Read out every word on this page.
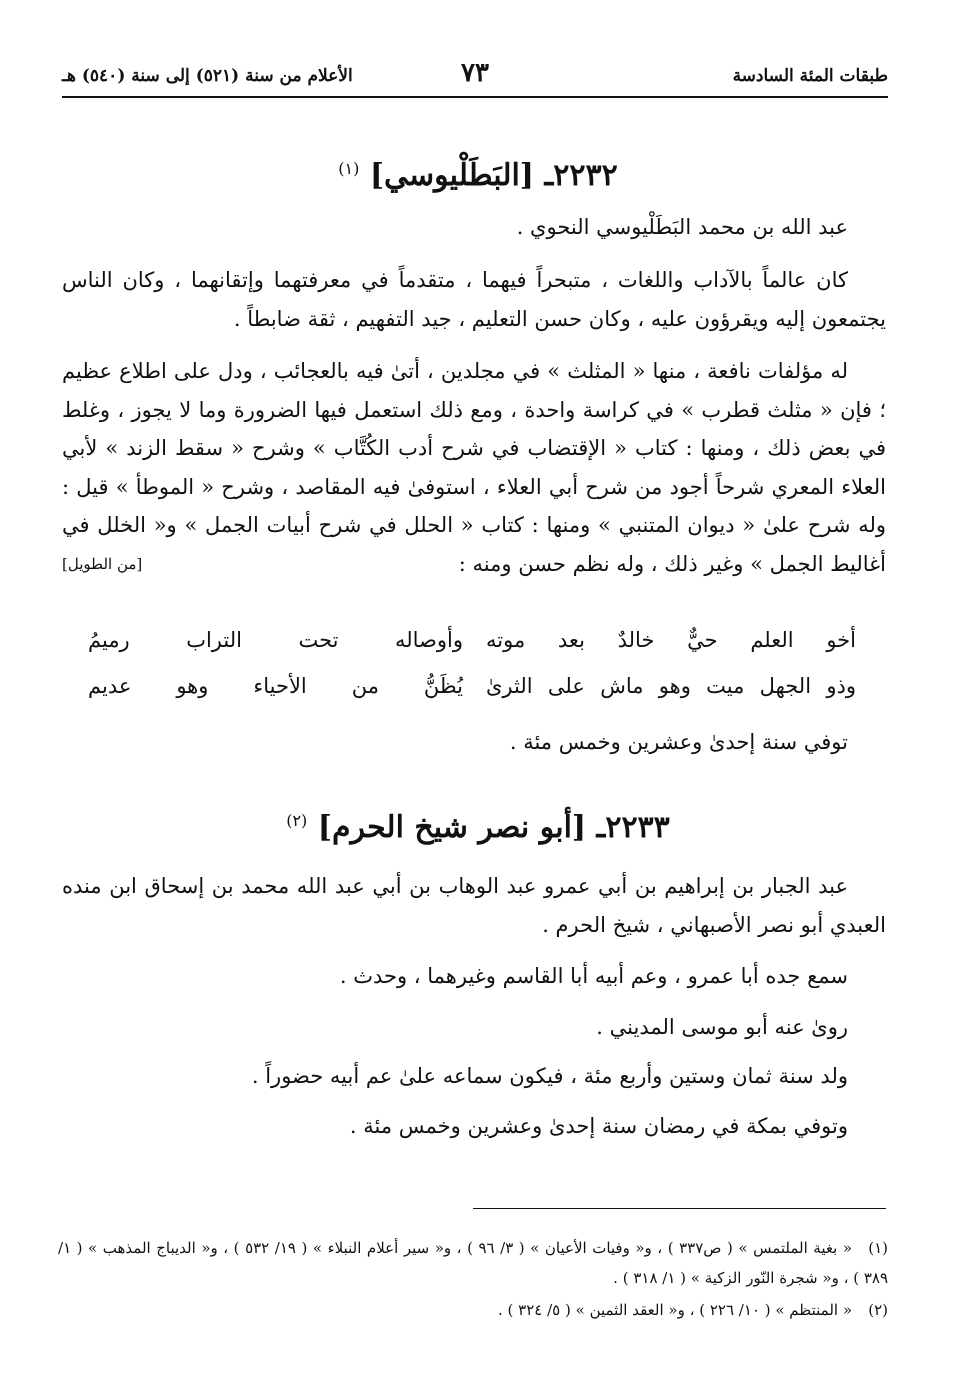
طبقات المئة السادسة
٧٣
الأعلام من سنة (٥٢١) إلى سنة (٥٤٠) هـ
٢٢٣٢ـ [البَطَلْيوسي] $^{(١)}$
عبد الله بن محمد البَطَلْيوسي النحوي .
كان عالماً بالآداب واللغات ، متبحراً فيهما ، متقدماً في معرفتهما وإتقانهما ، وكان الناس يجتمعون إليه ويقرؤون عليه ، وكان حسن التعليم ، جيد التفهيم ، ثقة ضابطاً .
له مؤلفات نافعة ، منها « المثلث » في مجلدين ، أتىٰ فيه بالعجائب ، ودل على اطلاع عظيم ؛ فإن « مثلث قطرب » في كراسة واحدة ، ومع ذلك استعمل فيها الضرورة وما لا يجوز ، وغلط في بعض ذلك ، ومنها : كتاب « الإقتضاب في شرح أدب الكُتَّاب » وشرح « سقط الزند » لأبي العلاء المعري شرحاً أجود من شرح أبي العلاء ، استوفىٰ فيه المقاصد ، وشرح « الموطأ » قيل : وله شرح علىٰ « ديوان المتنبي » ومنها : كتاب « الحلل في شرح أبيات الجمل » و« الخلل في أغاليط الجمل » وغير ذلك ، وله نظم حسن ومنه :
[من الطويل]
أخو العلم حيٌّ خالدٌ بعد موته
وأوصاله تحت التراب رميمُ
وذو الجهل ميت وهو ماش على الثرىٰ
يُظَنُّ من الأحياء وهو عديم
توفي سنة إحدىٰ وعشرين وخمس مئة .
٢٢٣٣ـ [أبو نصر شيخ الحرم] $^{(٢)}$
عبد الجبار بن إبراهيم بن أبي عمرو عبد الوهاب بن أبي عبد الله محمد بن إسحاق ابن منده العبدي أبو نصر الأصبهاني ، شيخ الحرم .
سمع جده أبا عمرو ، وعم أبيه أبا القاسم وغيرهما ، وحدث .
روىٰ عنه أبو موسى المديني .
ولد سنة ثمان وستين وأربع مئة ، فيكون سماعه علىٰ عم أبيه حضوراً .
وتوفي بمكة في رمضان سنة إحدىٰ وعشرين وخمس مئة .
(١)« بغية الملتمس » ( ص٣٣٧ ) ، و« وفيات الأعيان » ( ٣/ ٩٦ ) ، و« سير أعلام النبلاء » ( ١٩/ ٥٣٢ ) ، و« الديباج المذهب » ( ١/ ٣٨٩ ) ، و« شجرة النّور الزكية » ( ١/ ٣١٨ ) .
(٢)« المنتظم » ( ١٠/ ٢٢٦ ) ، و« العقد الثمين » ( ٥/ ٣٢٤ ) .
